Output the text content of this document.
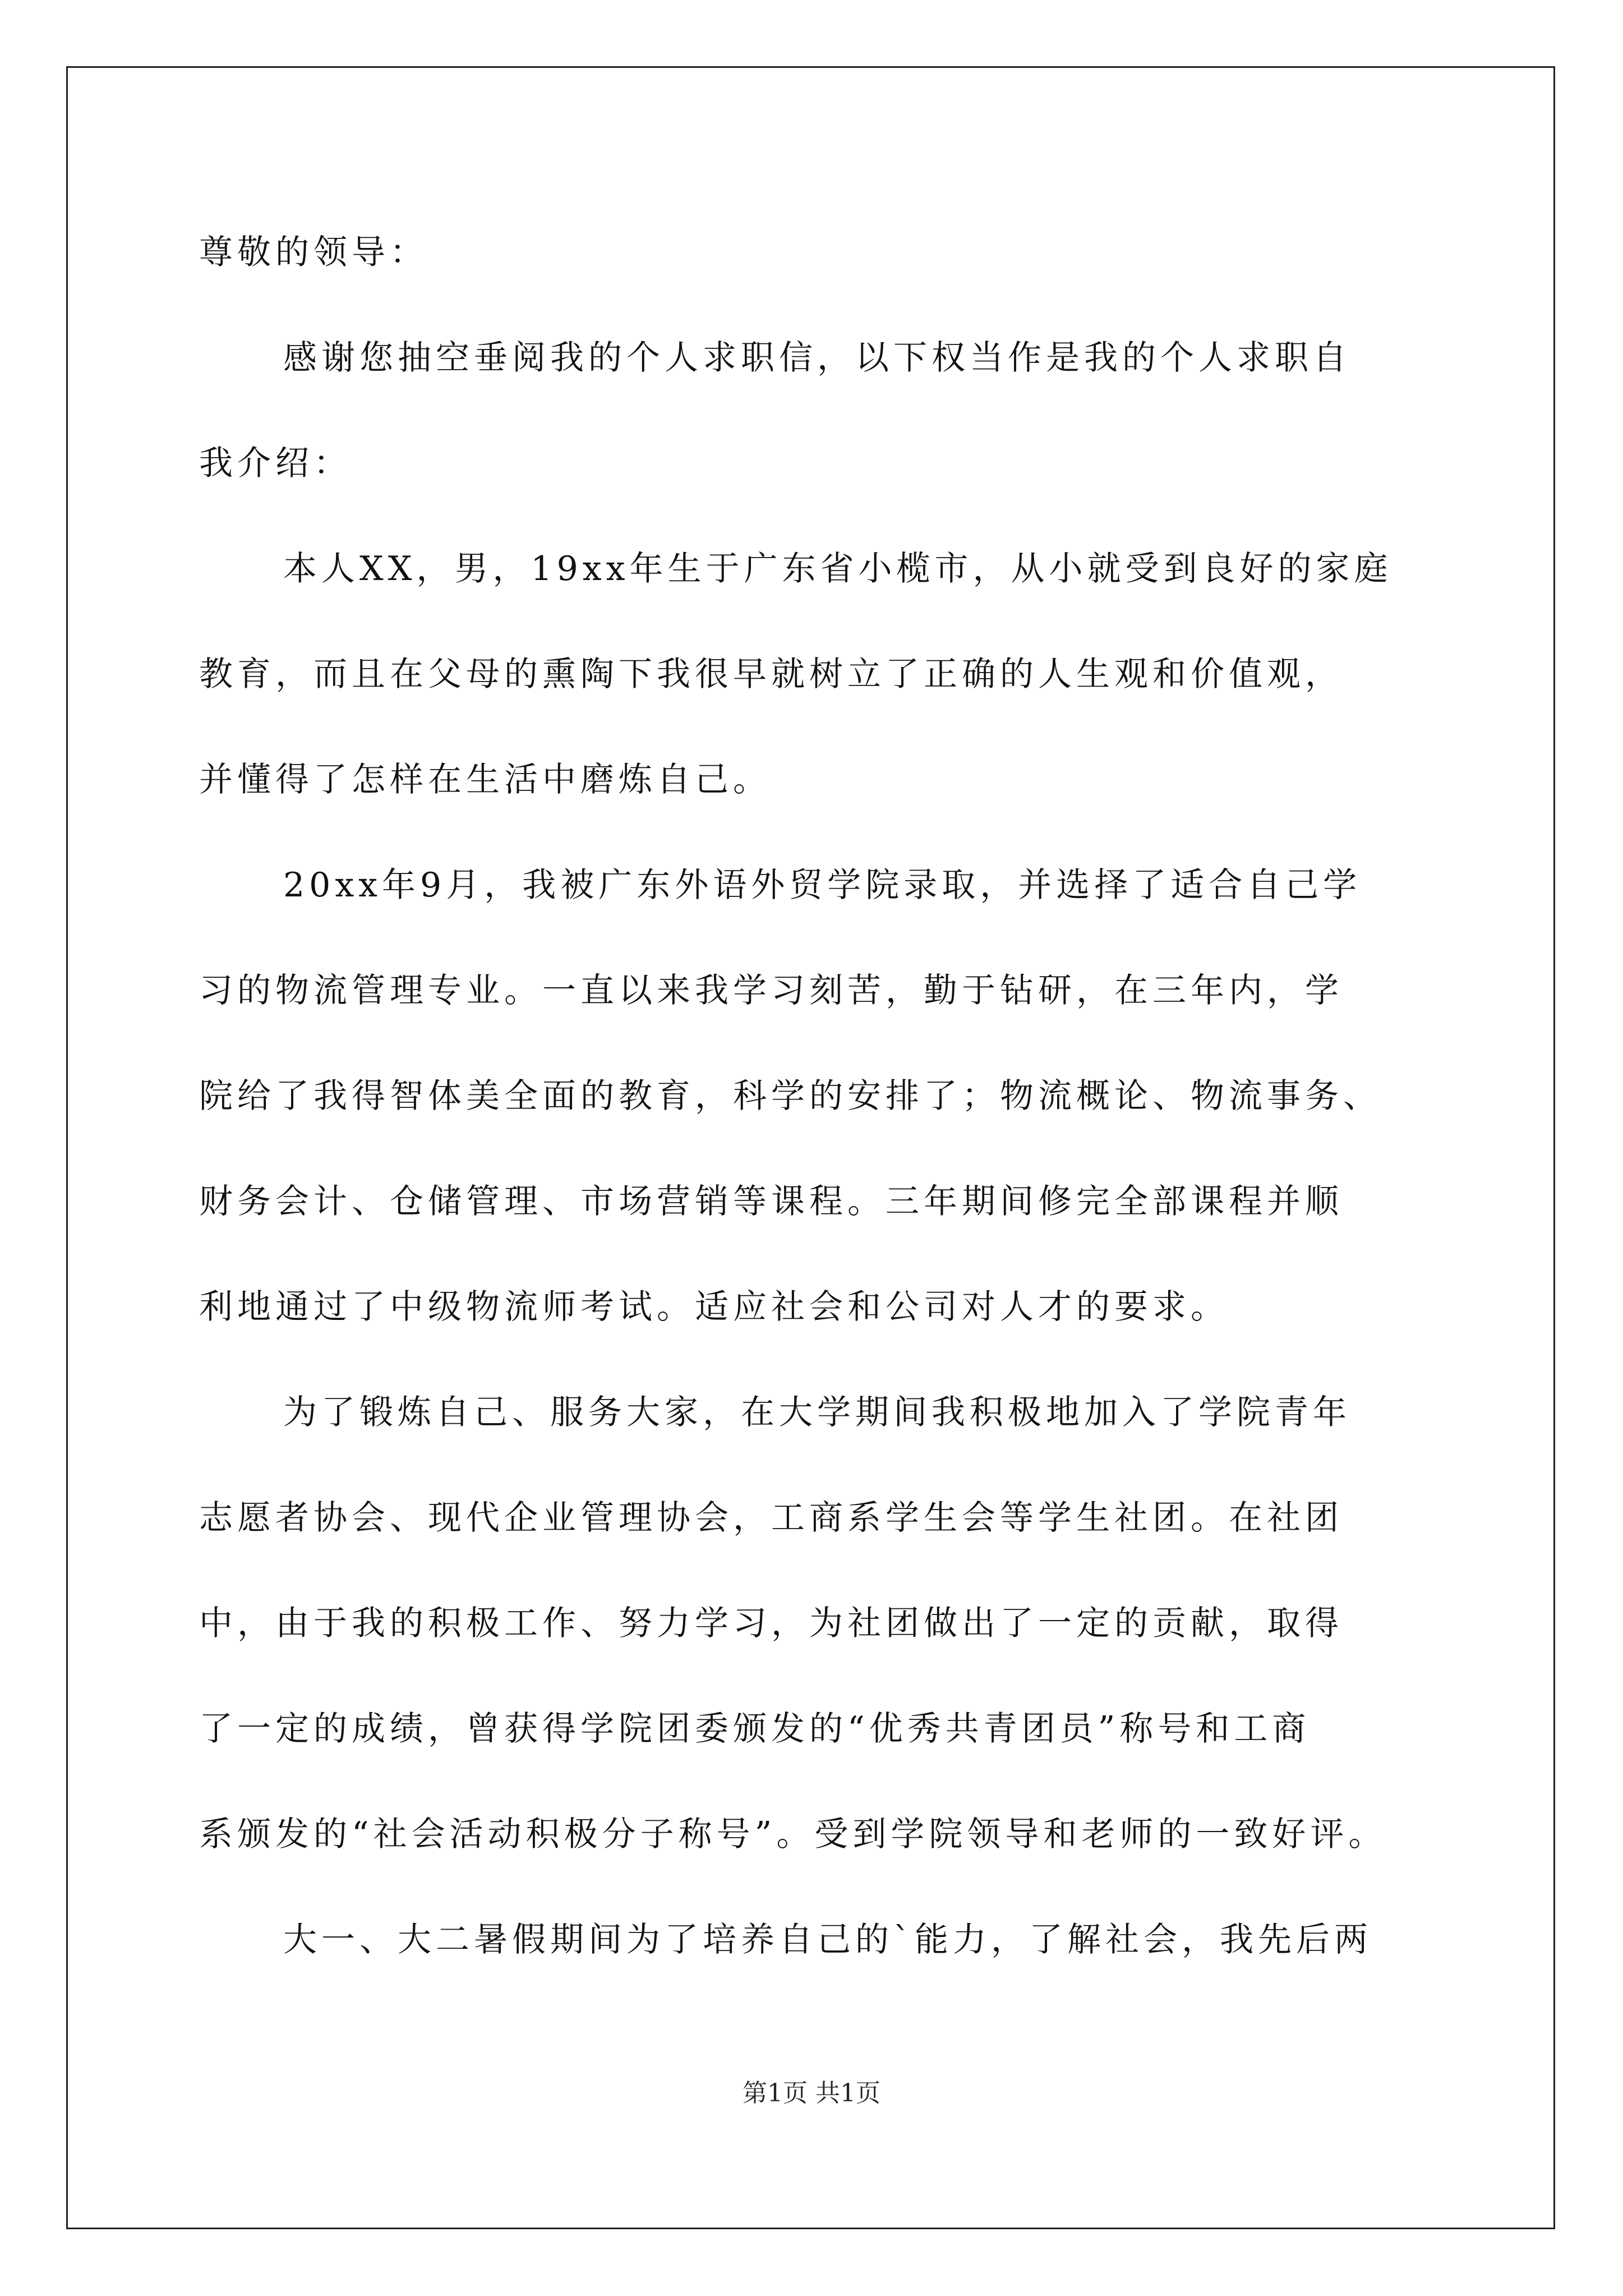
尊敬的领导：
感谢您抽空垂阅我的个人求职信，以下权当作是我的个人求职自
我介绍：
本人XX，男，19xx年生于广东省小榄市，从小就受到良好的家庭
教育，而且在父母的熏陶下我很早就树立了正确的人生观和价值观，
并懂得了怎样在生活中磨炼自己。
20xx年9月，我被广东外语外贸学院录取，并选择了适合自己学
习的物流管理专业。一直以来我学习刻苦，勤于钻研，在三年内，学
院给了我得智体美全面的教育，科学的安排了；物流概论、物流事务、
财务会计、仓储管理、市场营销等课程。三年期间修完全部课程并顺
利地通过了中级物流师考试。适应社会和公司对人才的要求。
为了锻炼自己、服务大家，在大学期间我积极地加入了学院青年
志愿者协会、现代企业管理协会，工商系学生会等学生社团。在社团
中，由于我的积极工作、努力学习，为社团做出了一定的贡献，取得
了一定的成绩，曾获得学院团委颁发的“优秀共青团员”称号和工商
系颁发的“社会活动积极分子称号”。受到学院领导和老师的一致好评。
大一、大二暑假期间为了培养自己的`能力，了解社会，我先后两
第1页 共1页
